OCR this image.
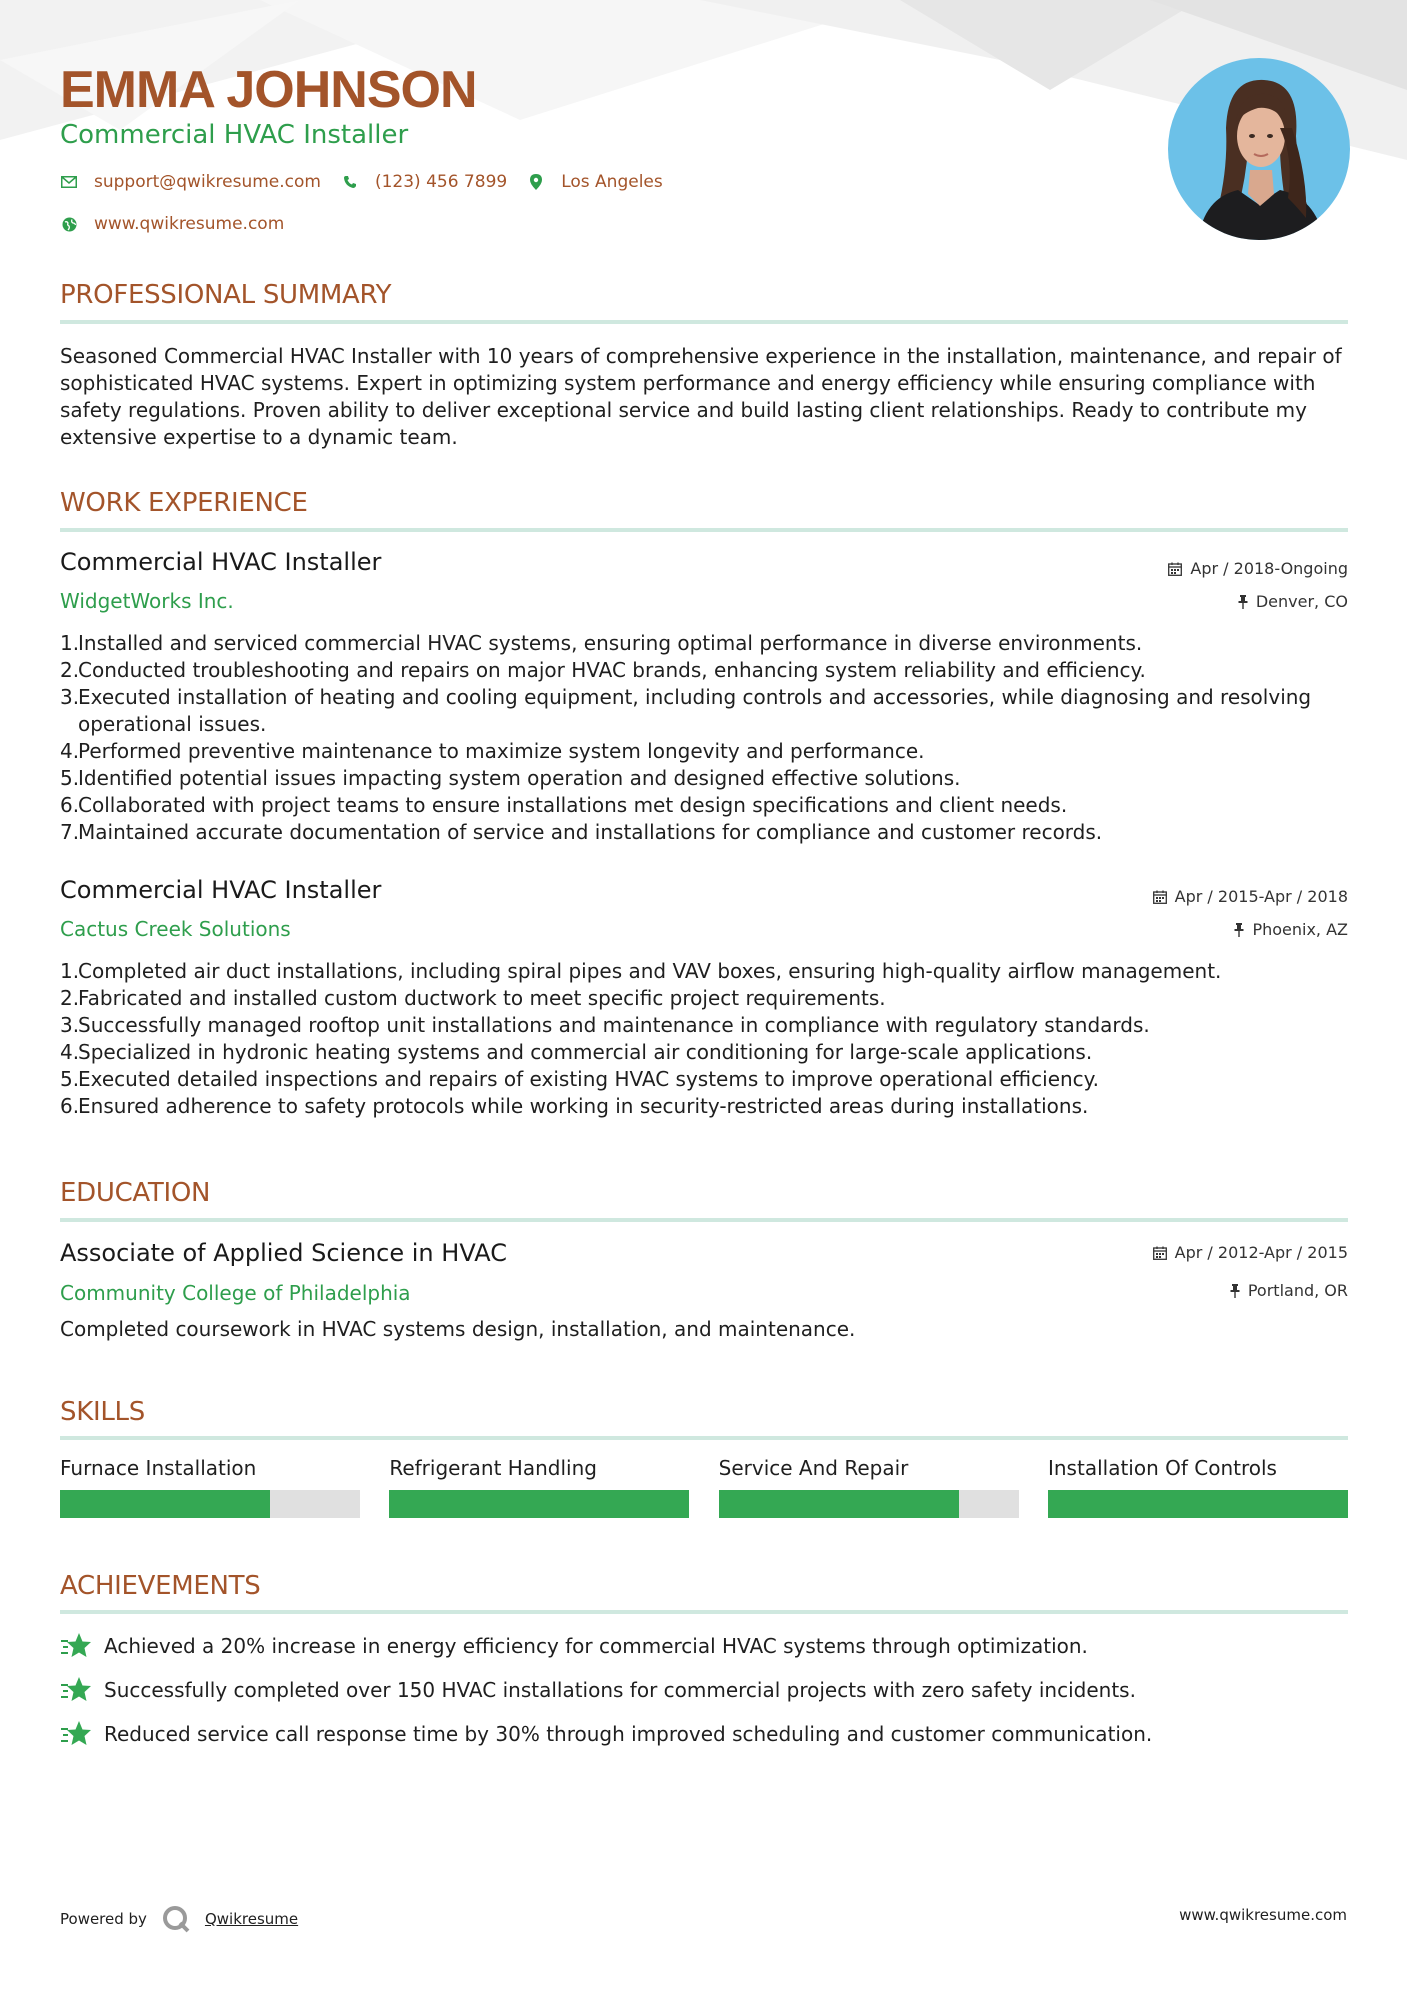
EMMA JOHNSON
Commercial HVAC Installer
support@qwikresume.com	(123) 456 7899	Los Angeles
www.qwikresume.com
PROFESSIONAL SUMMARY
Seasoned Commercial HVAC Installer with 10 years of comprehensive experience in the installation, maintenance, and repair of sophisticated HVAC systems. Expert in optimizing system performance and energy efficiency while ensuring compliance with safety regulations. Proven ability to deliver exceptional service and build lasting client relationships. Ready to contribute my extensive expertise to a dynamic team.
WORK EXPERIENCE
Commercial HVAC Installer	Apr / 2018-Ongoing
WidgetWorks Inc.	Denver, CO
Installed and serviced commercial HVAC systems, ensuring optimal performance in diverse environments.
Conducted troubleshooting and repairs on major HVAC brands, enhancing system reliability and efficiency.
Executed installation of heating and cooling equipment, including controls and accessories, while diagnosing and resolving operational issues.
Performed preventive maintenance to maximize system longevity and performance.
Identified potential issues impacting system operation and designed effective solutions.
Collaborated with project teams to ensure installations met design specifications and client needs.
Maintained accurate documentation of service and installations for compliance and customer records.
Commercial HVAC Installer	Apr / 2015-Apr / 2018
Cactus Creek Solutions	Phoenix, AZ
Completed air duct installations, including spiral pipes and VAV boxes, ensuring high-quality airflow management.
Fabricated and installed custom ductwork to meet specific project requirements.
Successfully managed rooftop unit installations and maintenance in compliance with regulatory standards.
Specialized in hydronic heating systems and commercial air conditioning for large-scale applications.
Executed detailed inspections and repairs of existing HVAC systems to improve operational efficiency.
Ensured adherence to safety protocols while working in security-restricted areas during installations.
EDUCATION
Associate of Applied Science in HVAC	Apr / 2012-Apr / 2015
Community College of Philadelphia	Portland, OR
Completed coursework in HVAC systems design, installation, and maintenance.
SKILLS
Furnace Installation	Refrigerant Handling	Service And Repair	Installation Of Controls
ACHIEVEMENTS
Achieved a 20% increase in energy efficiency for commercial HVAC systems through optimization.
Successfully completed over 150 HVAC installations for commercial projects with zero safety incidents.
Reduced service call response time by 30% through improved scheduling and customer communication.
Powered by	Qwikresume	www.qwikresume.com
